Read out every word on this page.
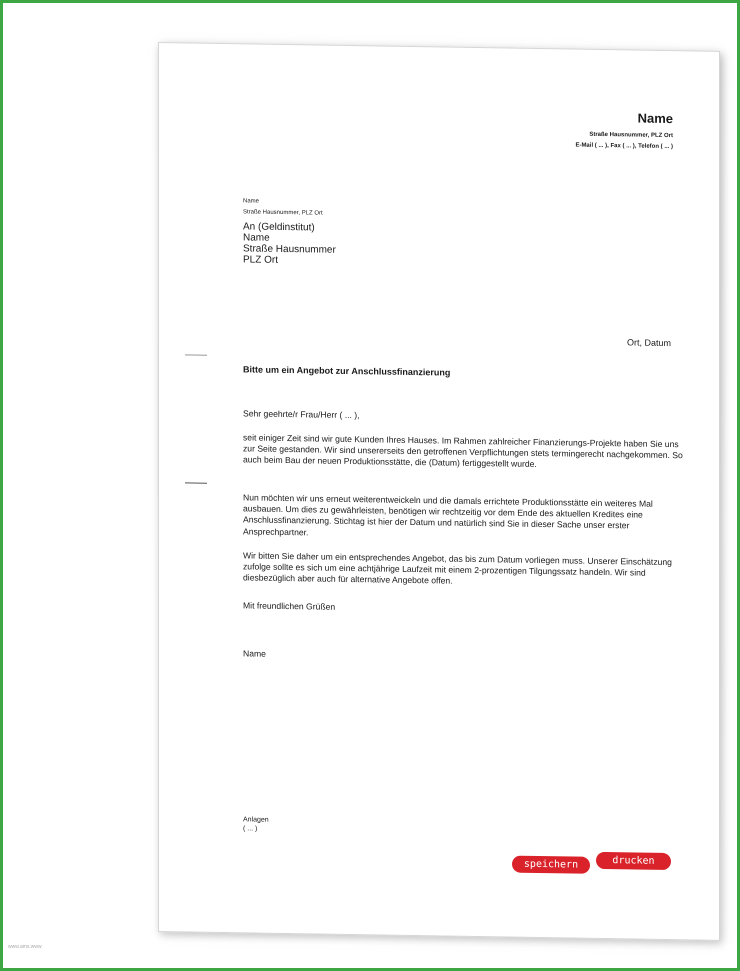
Name
Straße Hausnummer, PLZ Ort
E-Mail ( ... ), Fax ( ... ), Telefon ( ... )
Name
Straße Hausnummer, PLZ Ort
An (Geldinstitut)
Name
Straße Hausnummer
PLZ Ort
Ort, Datum
Bitte um ein Angebot zur Anschlussfinanzierung
Sehr geehrte/r Frau/Herr ( ... ),
seit einiger Zeit sind wir gute Kunden Ihres Hauses. Im Rahmen zahlreicher Finanzierungs-Projekte haben Sie uns zur Seite gestanden. Wir sind unsererseits den getroffenen Verpflichtungen stets termingerecht nachgekommen. So auch beim Bau der neuen Produktionsstätte, die (Datum) fertiggestellt wurde.
Nun möchten wir uns erneut weiterentweickeln und die damals errichtete Produktionsstätte ein weiteres Mal ausbauen. Um dies zu gewährleisten, benötigen wir rechtzeitig vor dem Ende des aktuellen Kredites eine Anschlussfinanzierung. Stichtag ist hier der Datum und natürlich sind Sie in dieser Sache unser erster Ansprechpartner.
Wir bitten Sie daher um ein entsprechendes Angebot, das bis zum Datum vorliegen muss. Unserer Einschätzung zufolge sollte es sich um eine achtjährige Laufzeit mit einem 2-prozentigen Tilgungssatz handeln. Wir sind diesbezüglich aber auch für alternative Angebote offen.
Mit freundlichen Grüßen
Name
Anlagen
( ... )
speichern	drucken
www.ams.www
